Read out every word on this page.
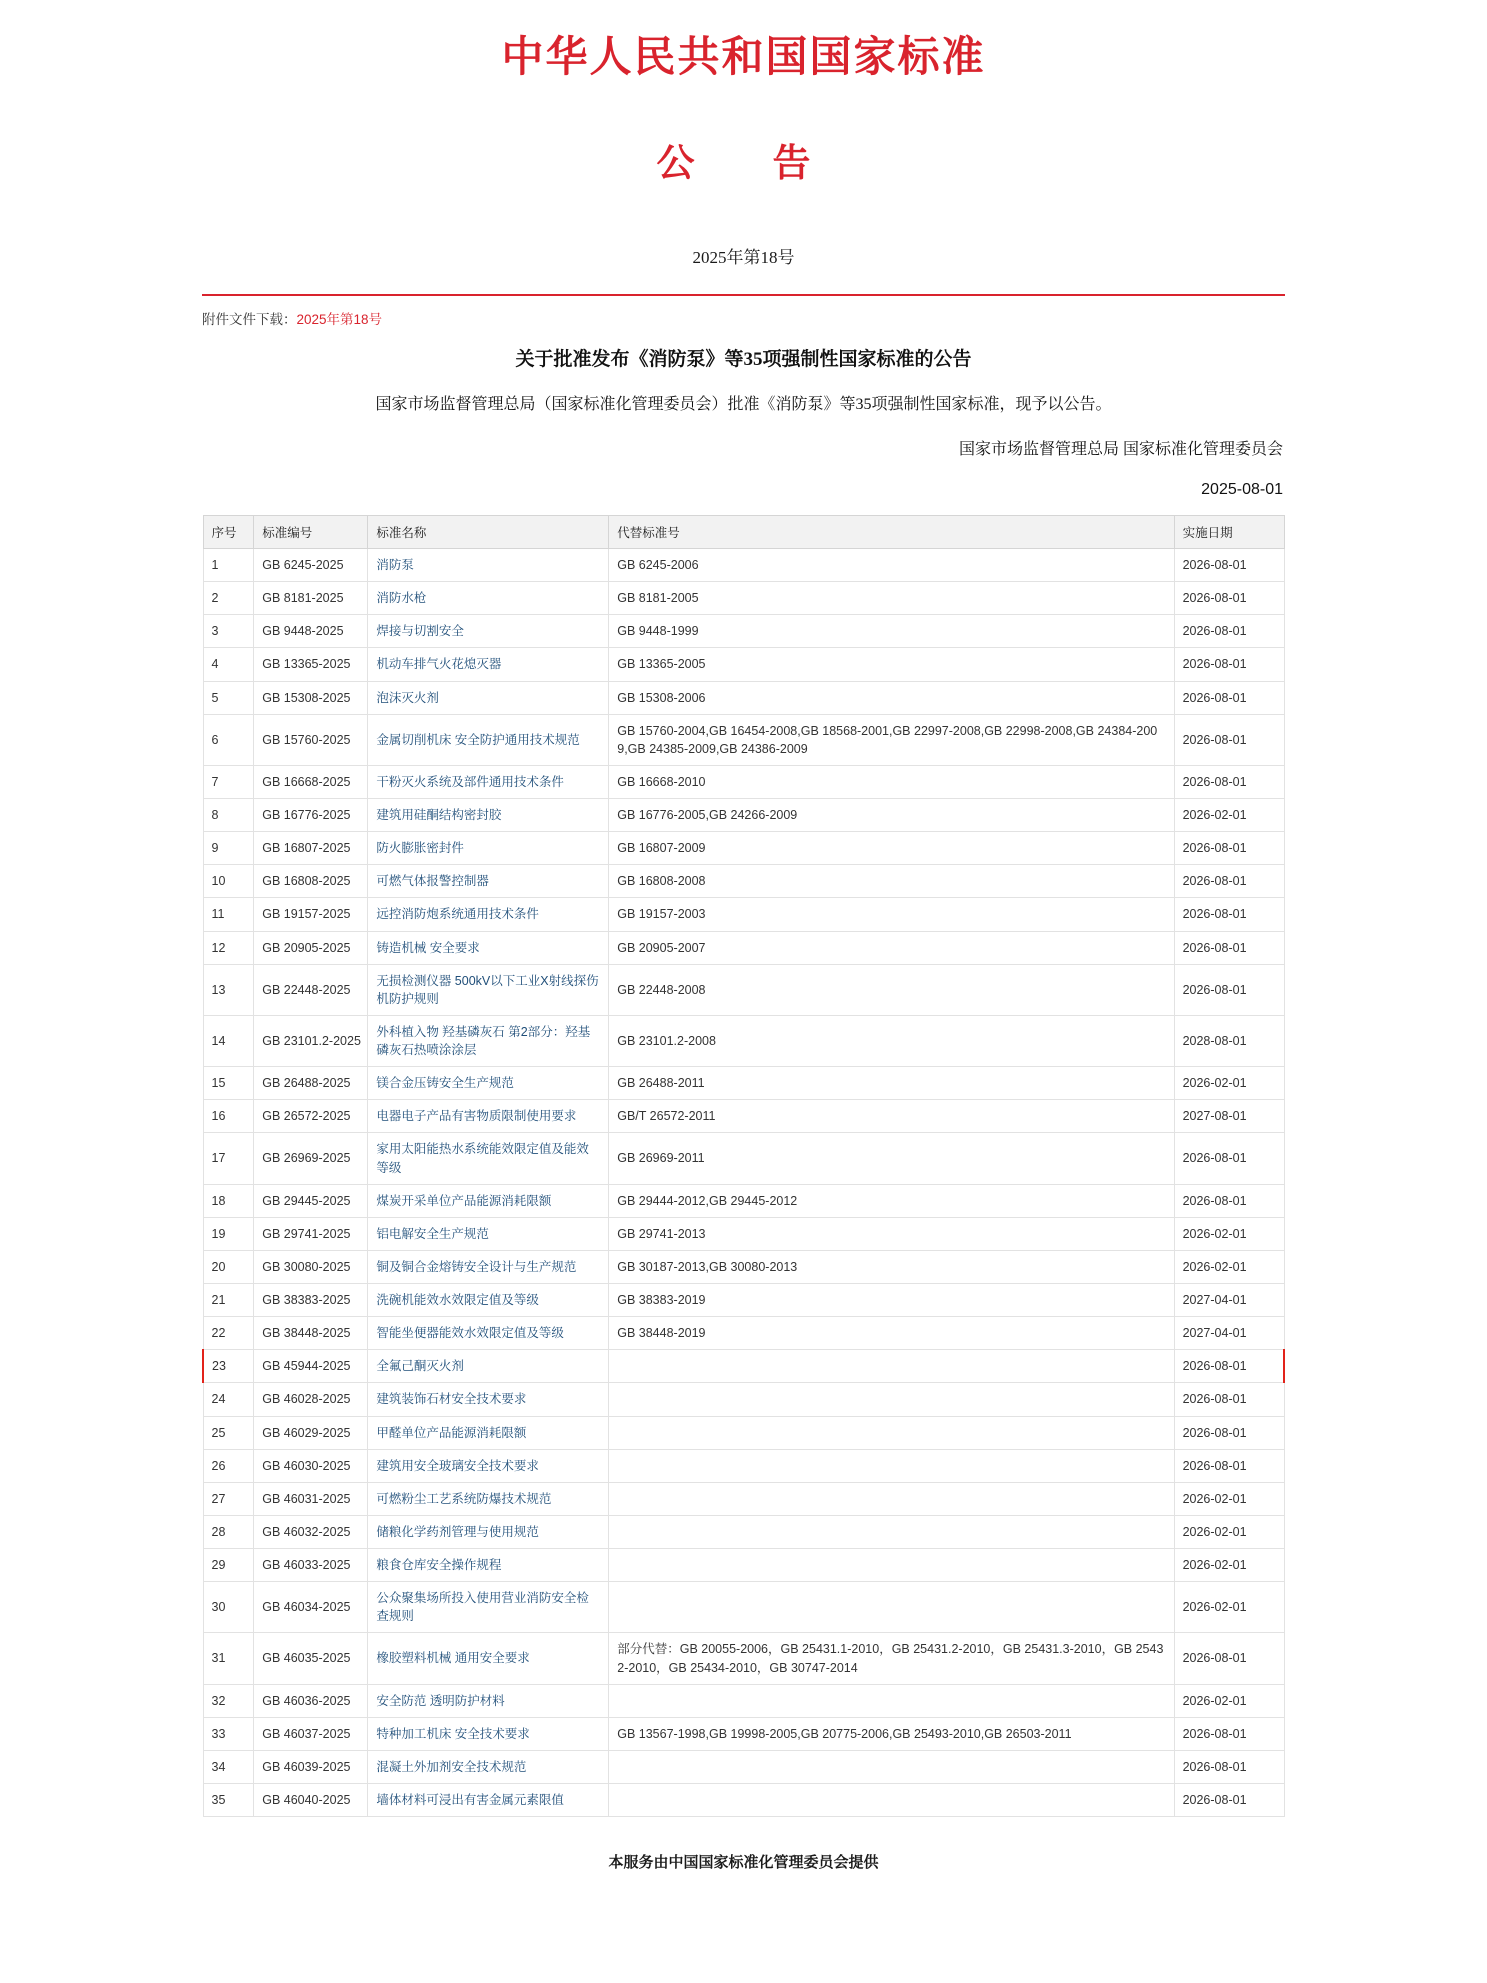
中华人民共和国国家标准
公　告
2025年第18号
附件文件下载：2025年第18号
关于批准发布《消防泵》等35项强制性国家标准的公告
国家市场监督管理总局（国家标准化管理委员会）批准《消防泵》等35项强制性国家标准，现予以公告。
国家市场监督管理总局 国家标准化管理委员会
2025-08-01
序号	标准编号	标准名称	代替标准号	实施日期
1	GB 6245-2025	消防泵	GB 6245-2006	2026-08-01
2	GB 8181-2025	消防水枪	GB 8181-2005	2026-08-01
3	GB 9448-2025	焊接与切割安全	GB 9448-1999	2026-08-01
4	GB 13365-2025	机动车排气火花熄灭器	GB 13365-2005	2026-08-01
5	GB 15308-2025	泡沫灭火剂	GB 15308-2006	2026-08-01
6	GB 15760-2025	金属切削机床 安全防护通用技术规范	GB 15760-2004,GB 16454-2008,GB 18568-2001,GB 22997-2008,GB 22998-2008,GB 24384-2009,GB 24385-2009,GB 24386-2009	2026-08-01
7	GB 16668-2025	干粉灭火系统及部件通用技术条件	GB 16668-2010	2026-08-01
8	GB 16776-2025	建筑用硅酮结构密封胶	GB 16776-2005,GB 24266-2009	2026-02-01
9	GB 16807-2025	防火膨胀密封件	GB 16807-2009	2026-08-01
10	GB 16808-2025	可燃气体报警控制器	GB 16808-2008	2026-08-01
11	GB 19157-2025	远控消防炮系统通用技术条件	GB 19157-2003	2026-08-01
12	GB 20905-2025	铸造机械 安全要求	GB 20905-2007	2026-08-01
13	GB 22448-2025	无损检测仪器 500kV以下工业X射线探伤机防护规则	GB 22448-2008	2026-08-01
14	GB 23101.2-2025	外科植入物 羟基磷灰石 第2部分：羟基磷灰石热喷涂涂层	GB 23101.2-2008	2028-08-01
15	GB 26488-2025	镁合金压铸安全生产规范	GB 26488-2011	2026-02-01
16	GB 26572-2025	电器电子产品有害物质限制使用要求	GB/T 26572-2011	2027-08-01
17	GB 26969-2025	家用太阳能热水系统能效限定值及能效等级	GB 26969-2011	2026-08-01
18	GB 29445-2025	煤炭开采单位产品能源消耗限额	GB 29444-2012,GB 29445-2012	2026-08-01
19	GB 29741-2025	铝电解安全生产规范	GB 29741-2013	2026-02-01
20	GB 30080-2025	铜及铜合金熔铸安全设计与生产规范	GB 30187-2013,GB 30080-2013	2026-02-01
21	GB 38383-2025	洗碗机能效水效限定值及等级	GB 38383-2019	2027-04-01
22	GB 38448-2025	智能坐便器能效水效限定值及等级	GB 38448-2019	2027-04-01
23	GB 45944-2025	全氟己酮灭火剂		2026-08-01
24	GB 46028-2025	建筑装饰石材安全技术要求		2026-08-01
25	GB 46029-2025	甲醛单位产品能源消耗限额		2026-08-01
26	GB 46030-2025	建筑用安全玻璃安全技术要求		2026-08-01
27	GB 46031-2025	可燃粉尘工艺系统防爆技术规范		2026-02-01
28	GB 46032-2025	储粮化学药剂管理与使用规范		2026-02-01
29	GB 46033-2025	粮食仓库安全操作规程		2026-02-01
30	GB 46034-2025	公众聚集场所投入使用营业消防安全检查规则		2026-02-01
31	GB 46035-2025	橡胶塑料机械 通用安全要求	部分代替：GB 20055-2006，GB 25431.1-2010，GB 25431.2-2010，GB 25431.3-2010，GB 25432-2010，GB 25434-2010，GB 30747-2014	2026-08-01
32	GB 46036-2025	安全防范 透明防护材料		2026-02-01
33	GB 46037-2025	特种加工机床 安全技术要求	GB 13567-1998,GB 19998-2005,GB 20775-2006,GB 25493-2010,GB 26503-2011	2026-08-01
34	GB 46039-2025	混凝土外加剂安全技术规范		2026-08-01
35	GB 46040-2025	墙体材料可浸出有害金属元素限值		2026-08-01
本服务由中国国家标准化管理委员会提供
